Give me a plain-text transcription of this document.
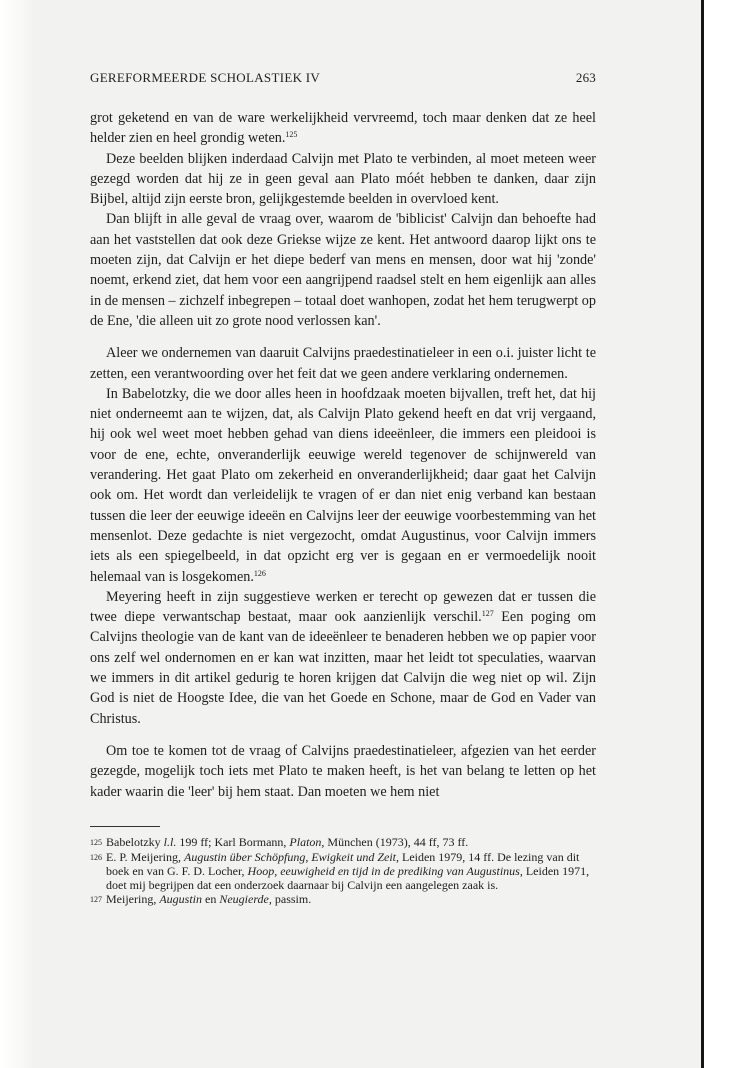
GEREFORMEERDE SCHOLASTIEK IV	263

grot geketend en van de ware werkelijkheid vervreemd, toch maar denken dat ze heel helder zien en heel grondig weten.$^{125}$

Deze beelden blijken inderdaad Calvijn met Plato te verbinden, al moet meteen weer gezegd worden dat hij ze in geen geval aan Plato móét hebben te danken, daar zijn Bijbel, altijd zijn eerste bron, gelijkgestemde beelden in overvloed kent.

Dan blijft in alle geval de vraag over, waarom de 'biblicist' Calvijn dan behoefte had aan het vaststellen dat ook deze Griekse wijze ze kent. Het antwoord daarop lijkt ons te moeten zijn, dat Calvijn er het diepe bederf van mens en mensen, door wat hij 'zonde' noemt, erkend ziet, dat hem voor een aangrijpend raadsel stelt en hem eigenlijk aan alles in de mensen – zichzelf inbegrepen – totaal doet wanhopen, zodat het hem terugwerpt op de Ene, 'die alleen uit zo grote nood verlossen kan'.

Aleer we ondernemen van daaruit Calvijns praedestinatieleer in een o.i. juister licht te zetten, een verantwoording over het feit dat we geen andere verklaring ondernemen.

In Babelotzky, die we door alles heen in hoofdzaak moeten bijvallen, treft het, dat hij niet onderneemt aan te wijzen, dat, als Calvijn Plato gekend heeft en dat vrij vergaand, hij ook wel weet moet hebben gehad van diens ideeënleer, die immers een pleidooi is voor de ene, echte, onveranderlijk eeuwige wereld tegenover de schijnwereld van verandering. Het gaat Plato om zekerheid en onveranderlijkheid; daar gaat het Calvijn ook om. Het wordt dan verleidelijk te vragen of er dan niet enig verband kan bestaan tussen die leer der eeuwige ideeën en Calvijns leer der eeuwige voorbestemming van het mensenlot. Deze gedachte is niet vergezocht, omdat Augustinus, voor Calvijn immers iets als een spiegelbeeld, in dat opzicht erg ver is gegaan en er vermoedelijk nooit helemaal van is losgekomen.$^{126}$

Meyering heeft in zijn suggestieve werken er terecht op gewezen dat er tussen die twee diepe verwantschap bestaat, maar ook aanzienlijk verschil.$^{127}$ Een poging om Calvijns theologie van de kant van de ideeënleer te benaderen hebben we op papier voor ons zelf wel ondernomen en er kan wat inzitten, maar het leidt tot speculaties, waarvan we immers in dit artikel gedurig te horen krijgen dat Calvijn die weg niet op wil. Zijn God is niet de Hoogste Idee, die van het Goede en Schone, maar de God en Vader van Christus.

Om toe te komen tot de vraag of Calvijns praedestinatieleer, afgezien van het eerder gezegde, mogelijk toch iets met Plato te maken heeft, is het van belang te letten op het kader waarin die 'leer' bij hem staat. Dan moeten we hem niet

125 Babelotzky l.l. 199 ff; Karl Bormann, Platon, München (1973), 44 ff, 73 ff.
126 E. P. Meijering, Augustin über Schöpfung, Ewigkeit und Zeit, Leiden 1979, 14 ff. De lezing van dit boek en van G. F. D. Locher, Hoop, eeuwigheid en tijd in de prediking van Augustinus, Leiden 1971, doet mij begrijpen dat een onderzoek daarnaar bij Calvijn een aangelegen zaak is.
127 Meijering, Augustin en Neugierde, passim.
